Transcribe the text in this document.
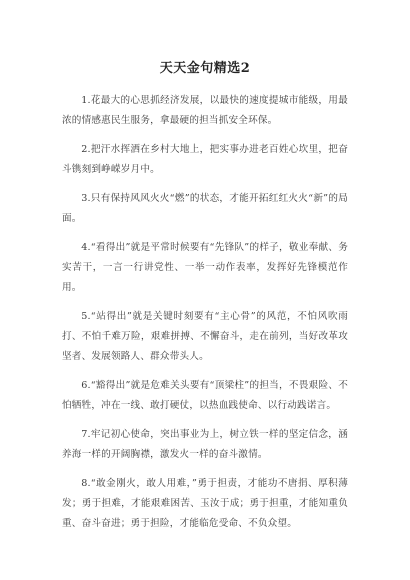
天天金句精选2

1.花最大的心思抓经济发展，以最快的速度提城市能级，用最浓的情感惠民生服务，拿最硬的担当抓安全环保。

2.把汗水挥洒在乡村大地上，把实事办进老百姓心坎里，把奋斗镌刻到峥嵘岁月中。

3.只有保持风风火火“燃”的状态，才能开拓红红火火“新”的局面。

4.“看得出”就是平常时候要有“先锋队”的样子，敬业奉献、务实苦干，一言一行讲党性、一举一动作表率，发挥好先锋模范作用。

5.“站得出”就是关键时刻要有“主心骨”的风范，不怕风吹雨打、不怕千难万险，艰难拼搏、不懈奋斗，走在前列，当好改革攻坚者、发展领路人、群众带头人。

6.“豁得出”就是危难关头要有“顶梁柱”的担当，不畏艰险、不怕牺牲，冲在一线、敢打硬仗，以热血践使命、以行动践诺言。

7.牢记初心使命，突出事业为上，树立铁一样的坚定信念，涵养海一样的开阔胸襟，激发火一样的奋斗激情。

8.“敢金刚火，敢人用难，”勇于担责，才能功不唐捐、厚积薄发；勇于担难，才能艰难困苦、玉汝于成；勇于担重，才能知重负重、奋斗奋进；勇于担险，才能临危受命、不负众望。
